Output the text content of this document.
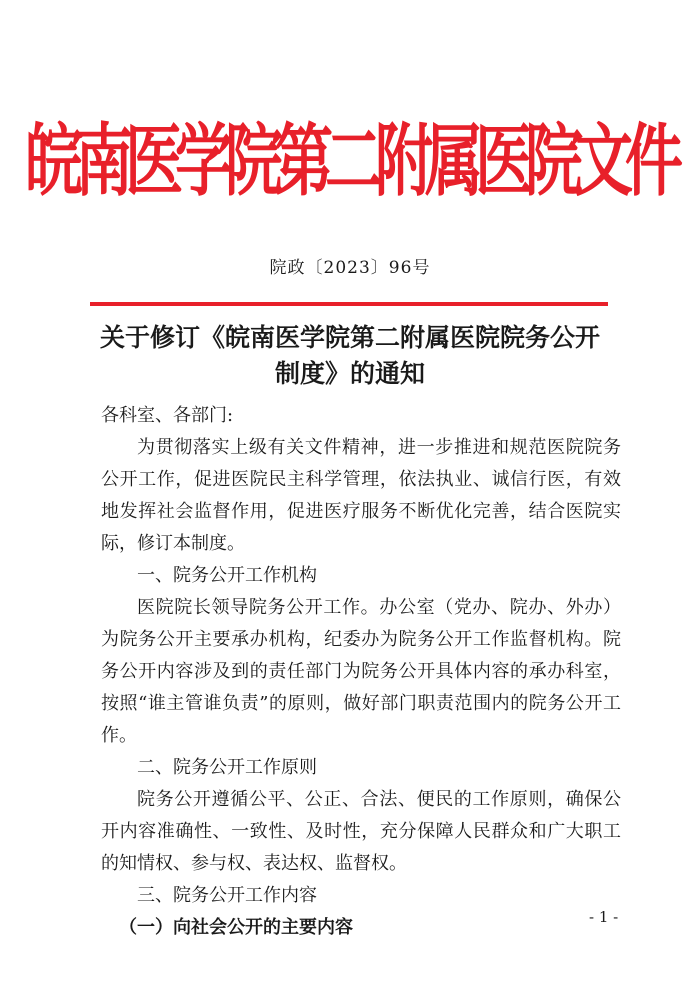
皖南医学院第二附属医院文件
院政〔2023〕96号
关于修订《皖南医学院第二附属医院院务公开
制度》的通知

各科室、各部门:

为贯彻落实上级有关文件精神，进一步推进和规范医院院务公开工作，促进医院民主科学管理，依法执业、诚信行医，有效地发挥社会监督作用，促进医疗服务不断优化完善，结合医院实际，修订本制度。

一、院务公开工作机构

医院院长领导院务公开工作。办公室（党办、院办、外办）为院务公开主要承办机构，纪委办为院务公开工作监督机构。院务公开内容涉及到的责任部门为院务公开具体内容的承办科室，按照“谁主管谁负责”的原则，做好部门职责范围内的院务公开工作。

二、院务公开工作原则

院务公开遵循公平、公正、合法、便民的工作原则，确保公开内容准确性、一致性、及时性，充分保障人民群众和广大职工的知情权、参与权、表达权、监督权。

三、院务公开工作内容

（一）向社会公开的主要内容	- 1 -
